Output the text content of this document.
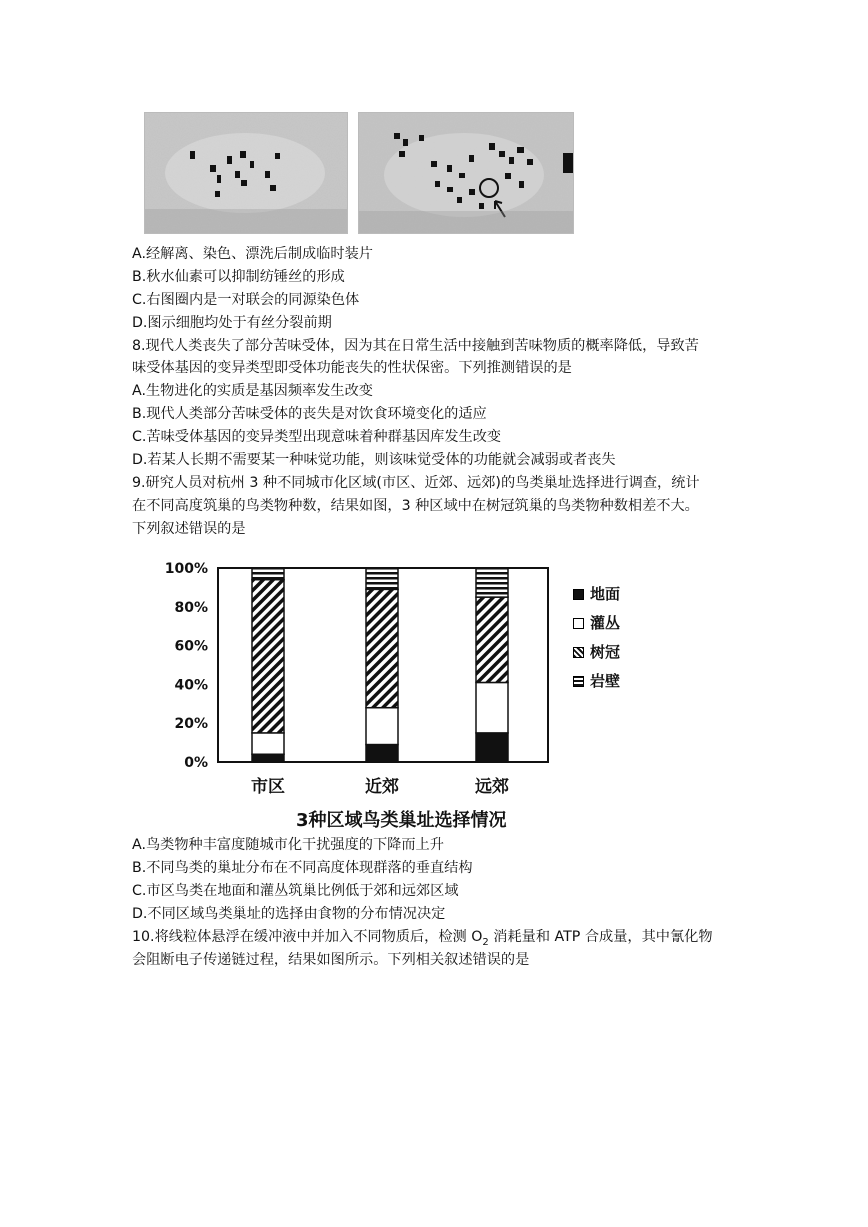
A.经解离、染色、漂洗后制成临时装片
B.秋水仙素可以抑制纺锤丝的形成
C.右图圈内是一对联会的同源染色体
D.图示细胞均处于有丝分裂前期
8.现代人类丧失了部分苦味受体，因为其在日常生活中接触到苦味物质的概率降低，导致苦
味受体基因的变异类型即受体功能丧失的性状保密。下列推测错误的是
A.生物进化的实质是基因频率发生改变
B.现代人类部分苦味受体的丧失是对饮食环境变化的适应
C.苦味受体基因的变异类型出现意味着种群基因库发生改变
D.若某人长期不需要某一种味觉功能，则该味觉受体的功能就会减弱或者丧失
9.研究人员对杭州 3 种不同城市化区域(市区、近郊、远郊)的鸟类巢址选择进行调查，统计
在不同高度筑巢的鸟类物种数，结果如图，3 种区域中在树冠筑巢的鸟类物种数相差不大。
下列叙述错误的是
0%
20%
40%
60%
80%
100%
市区	近郊	远郊
地面
灌丛
树冠
岩壁
3种区域鸟类巢址选择情况
A.鸟类物种丰富度随城市化干扰强度的下降而上升
B.不同鸟类的巢址分布在不同高度体现群落的垂直结构
C.市区鸟类在地面和灌丛筑巢比例低于郊和远郊区域
D.不同区域鸟类巢址的选择由食物的分布情况决定
10.将线粒体悬浮在缓冲液中并加入不同物质后，检测 $O_2$ 消耗量和 ATP 合成量，其中氰化物
会阻断电子传递链过程，结果如图所示。下列相关叙述错误的是
